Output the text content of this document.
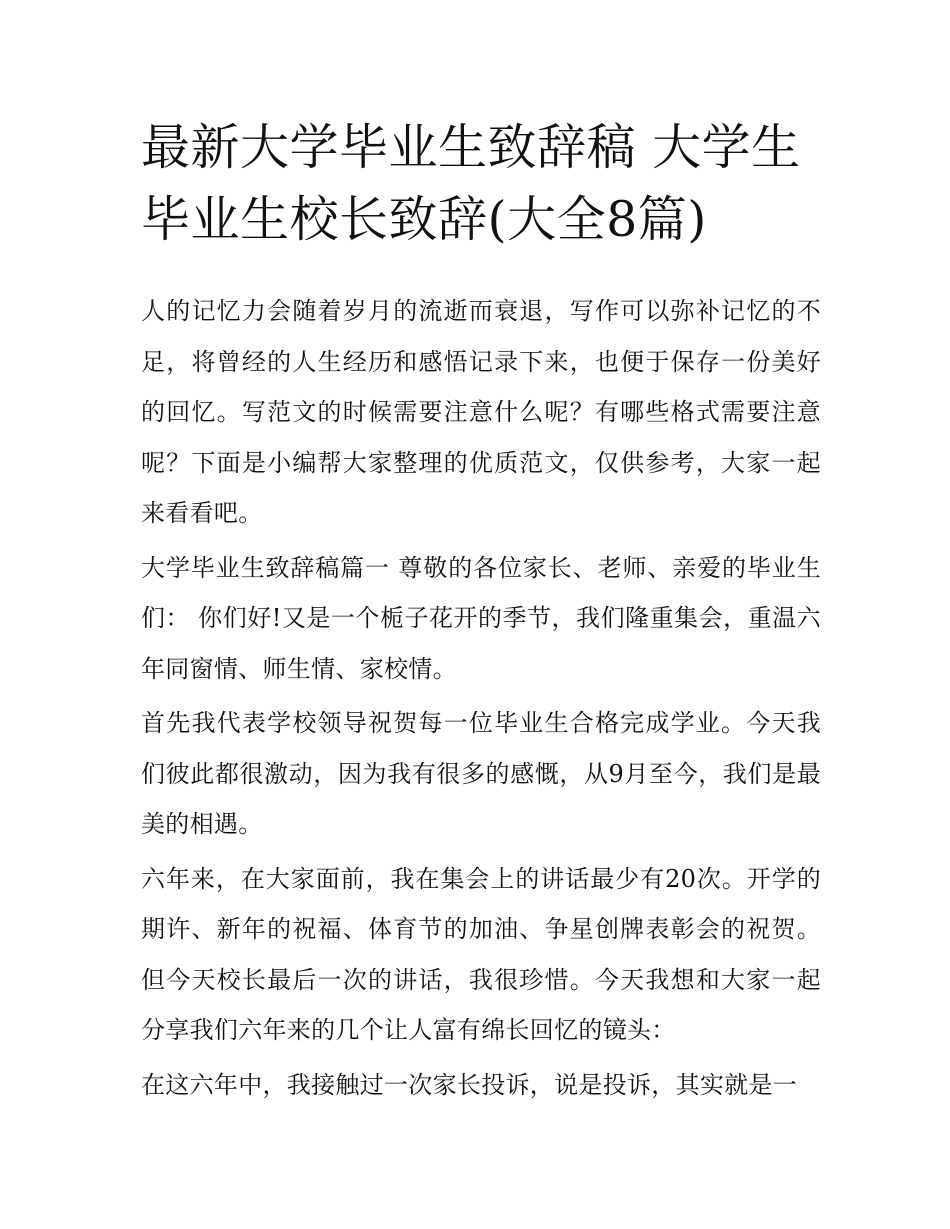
最新大学毕业生致辞稿 大学生毕业生校长致辞(大全8篇)

人的记忆力会随着岁月的流逝而衰退，写作可以弥补记忆的不足，将曾经的人生经历和感悟记录下来，也便于保存一份美好的回忆。写范文的时候需要注意什么呢？有哪些格式需要注意呢？下面是小编帮大家整理的优质范文，仅供参考，大家一起来看看吧。

大学毕业生致辞稿篇一 尊敬的各位家长、老师、亲爱的毕业生们： 你们好!又是一个栀子花开的季节，我们隆重集会，重温六年同窗情、师生情、家校情。

首先我代表学校领导祝贺每一位毕业生合格完成学业。今天我们彼此都很激动，因为我有很多的感慨，从9月至今，我们是最美的相遇。

六年来，在大家面前，我在集会上的讲话最少有20次。开学的期许、新年的祝福、体育节的加油、争星创牌表彰会的祝贺。但今天校长最后一次的讲话，我很珍惜。今天我想和大家一起分享我们六年来的几个让人富有绵长回忆的镜头：

在这六年中，我接触过一次家长投诉，说是投诉，其实就是一
